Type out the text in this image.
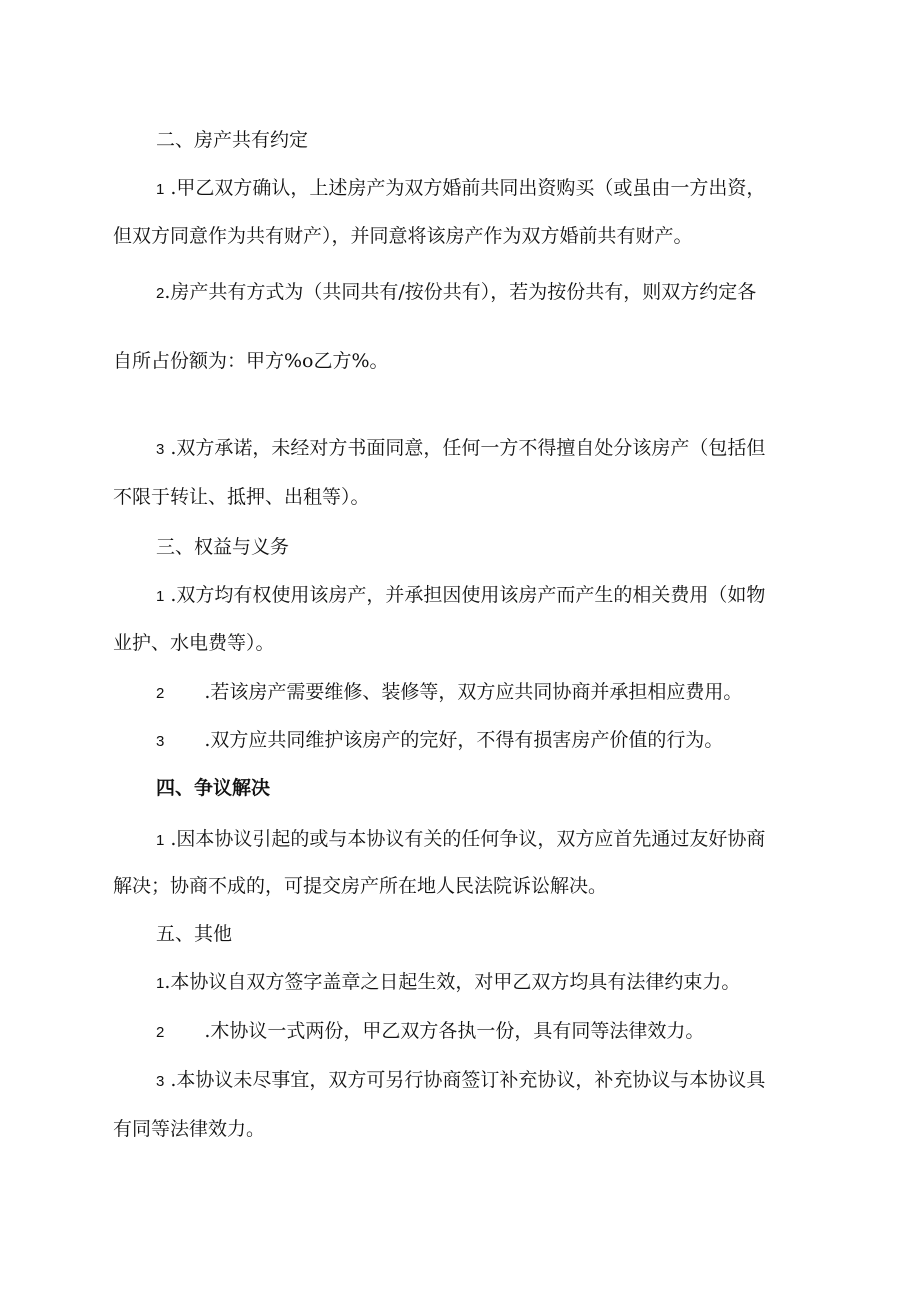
二、房产共有约定
1 .甲乙双方确认，上述房产为双方婚前共同出资购买（或虽由一方出资，
但双方同意作为共有财产），并同意将该房产作为双方婚前共有财产。
2.房产共有方式为（共同共有/按份共有），若为按份共有，则双方约定各
自所占份额为：甲方%o乙方%。
3 .双方承诺，未经对方书面同意，任何一方不得擅自处分该房产（包括但
不限于转让、抵押、出租等）。
三、权益与义务
1 .双方均有权使用该房产，并承担因使用该房产而产生的相关费用（如物
业护、水电费等）。
2 .若该房产需要维修、装修等，双方应共同协商并承担相应费用。
3 .双方应共同维护该房产的完好，不得有损害房产价值的行为。
四、争议解决
1 .因本协议引起的或与本协议有关的任何争议，双方应首先通过友好协商
解决；协商不成的，可提交房产所在地人民法院诉讼解决。
五、其他
1.本协议自双方签字盖章之日起生效，对甲乙双方均具有法律约束力。
2 .木协议一式两份，甲乙双方各执一份，具有同等法律效力。
3 .本协议未尽事宜，双方可另行协商签订补充协议，补充协议与本协议具
有同等法律效力。
